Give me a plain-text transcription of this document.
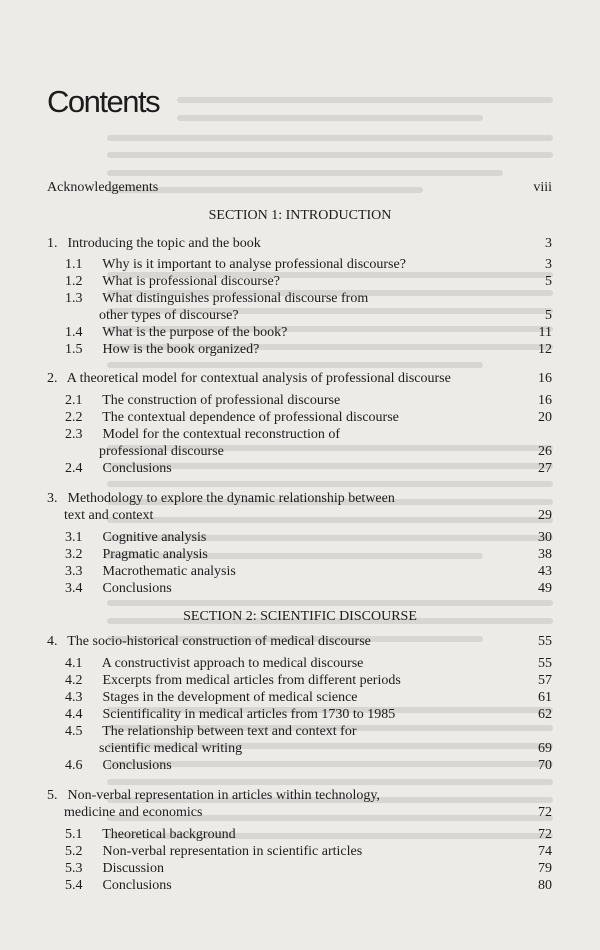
Contents
Acknowledgements	viii
SECTION 1: INTRODUCTION
1. Introducing the topic and the book	3
1.1 Why is it important to analyse professional discourse?	3
1.2 What is professional discourse?	5
1.3 What distinguishes professional discourse from
other types of discourse?	5
1.4 What is the purpose of the book?	11
1.5 How is the book organized?	12
2. A theoretical model for contextual analysis of professional discourse	16
2.1 The construction of professional discourse	16
2.2 The contextual dependence of professional discourse	20
2.3 Model for the contextual reconstruction of
professional discourse	26
2.4 Conclusions	27
3. Methodology to explore the dynamic relationship between
text and context	29
3.1 Cognitive analysis	30
3.2 Pragmatic analysis	38
3.3 Macrothematic analysis	43
3.4 Conclusions	49
SECTION 2: SCIENTIFIC DISCOURSE
4. The socio-historical construction of medical discourse	55
4.1 A constructivist approach to medical discourse	55
4.2 Excerpts from medical articles from different periods	57
4.3 Stages in the development of medical science	61
4.4 Scientificality in medical articles from 1730 to 1985	62
4.5 The relationship between text and context for
scientific medical writing	69
4.6 Conclusions	70
5. Non-verbal representation in articles within technology,
medicine and economics	72
5.1 Theoretical background	72
5.2 Non-verbal representation in scientific articles	74
5.3 Discussion	79
5.4 Conclusions	80
